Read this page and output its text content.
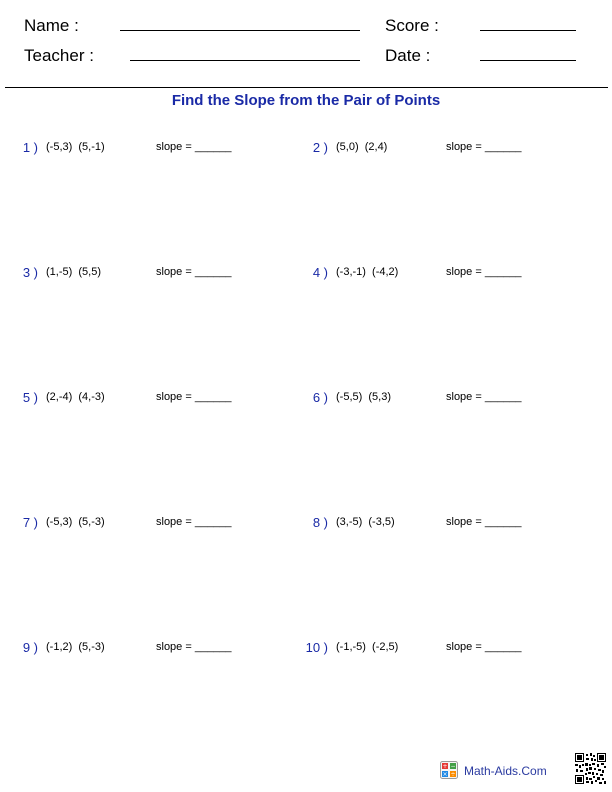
Name :	Score :
Teacher :	Date :
Find the Slope from the Pair of Points
1 ) (-5,3)  (5,-1)	slope = ______	2 ) (5,0)  (2,4)	slope = ______
3 ) (1,-5)  (5,5)	slope = ______	4 ) (-3,-1)  (-4,2)	slope = ______
5 ) (2,-4)  (4,-3)	slope = ______	6 ) (-5,5)  (5,3)	slope = ______
7 ) (-5,3)  (5,-3)	slope = ______	8 ) (3,-5)  (-3,5)	slope = ______
9 ) (-1,2)  (5,-3)	slope = ______	10 ) (-1,-5)  (-2,5)	slope = ______
+ −
× ÷ Math-Aids.Com
